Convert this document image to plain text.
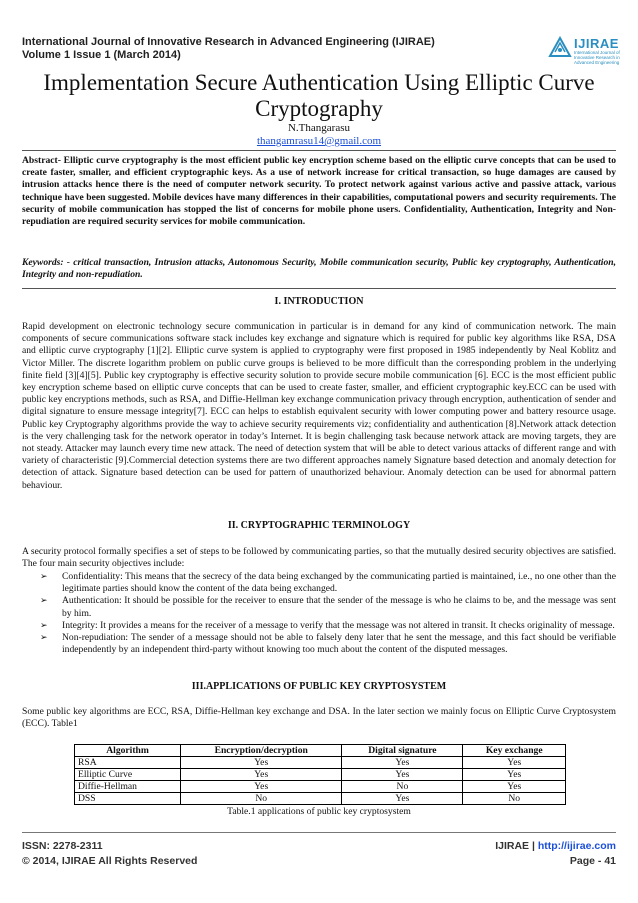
International Journal of Innovative Research in Advanced Engineering (IJIRAE)
Volume 1 Issue 1 (March 2014)
IJIRAE
International Journal of Innovative Research in Advanced Engineering
Implementation Secure Authentication Using Elliptic Curve Cryptography
N.Thangarasu
thangamrasu14@gmail.com
Abstract- Elliptic curve cryptography is the most efficient public key encryption scheme based on the elliptic curve concepts that can be used to create faster, smaller, and efficient cryptographic keys. As a use of network increase for critical transaction, so huge damages are caused by intrusion attacks hence there is the need of computer network security. To protect network against various active and passive attack, various technique have been suggested. Mobile devices have many differences in their capabilities, computational powers and security requirements. The security of mobile communication has stopped the list of concerns for mobile phone users. Confidentiality, Authentication, Integrity and Non-repudiation are required security services for mobile communication.
Keywords: - critical transaction, Intrusion attacks, Autonomous Security, Mobile communication security, Public key cryptography, Authentication, Integrity and non-repudiation.
I. INTRODUCTION
Rapid development on electronic technology secure communication in particular is in demand for any kind of communication network. The main components of secure communications software stack includes key exchange and signature which is required for public key algorithms like RSA, DSA and elliptic curve cryptography [1][2]. Elliptic curve system is applied to cryptography were first proposed in 1985 independently by Neal Koblitz and Victor Miller. The discrete logarithm problem on public curve groups is believed to be more difficult than the corresponding problem in the underlying finite field [3][4][5]. Public key cryptography is effective security solution to provide secure mobile communication [6]. ECC is the most efficient public key encryption scheme based on elliptic curve concepts that can be used to create faster, smaller, and efficient cryptographic key.ECC can be used with public key encryptions methods, such as RSA, and Diffie-Hellman key exchange communication privacy through encryption, authentication of sender and digital signature to ensure message integrity[7]. ECC can helps to establish equivalent security with lower computing power and battery resource usage. Public key Cryptography algorithms provide the way to achieve security requirements viz; confidentiality and authentication [8].Network attack detection is the very challenging task for the network operator in today’s Internet. It is begin challenging task because network attack are moving targets, they are not steady. Attacker may launch every time new attack. The need of detection system that will be able to detect various attacks of different range and with variety of characteristic [9].Commercial detection systems there are two different approaches namely Signature based detection and anomaly detection for detection of attack. Signature based detection can be used for pattern of unauthorized behaviour. Anomaly detection can be used for abnormal pattern behaviour.
II. CRYPTOGRAPHIC TERMINOLOGY
A security protocol formally specifies a set of steps to be followed by communicating parties, so that the mutually desired security objectives are satisfied. The four main security objectives include:
➢ Confidentiality: This means that the secrecy of the data being exchanged by the communicating partied is maintained, i.e., no one other than the legitimate parties should know the content of the data being exchanged.
➢ Authentication: It should be possible for the receiver to ensure that the sender of the message is who he claims to be, and the message was sent by him.
➢ Integrity: It provides a means for the receiver of a message to verify that the message was not altered in transit. It checks originality of message.
➢ Non-repudiation: The sender of a message should not be able to falsely deny later that he sent the message, and this fact should be verifiable independently by an independent third-party without knowing too much about the content of the disputed messages.
III.APPLICATIONS OF PUBLIC KEY CRYPTOSYSTEM
Some public key algorithms are ECC, RSA, Diffie-Hellman key exchange and DSA. In the later section we mainly focus on Elliptic Curve Cryptosystem (ECC). Table1
Algorithm	Encryption/decryption	Digital signature	Key exchange
RSA	Yes	Yes	Yes
Elliptic Curve	Yes	Yes	Yes
Diffie-Hellman	Yes	No	Yes
DSS	No	Yes	No
Table.1 applications of public key cryptosystem
ISSN: 2278-2311
© 2014, IJIRAE All Rights Reserved
IJIRAE | http://ijirae.com
Page - 41
